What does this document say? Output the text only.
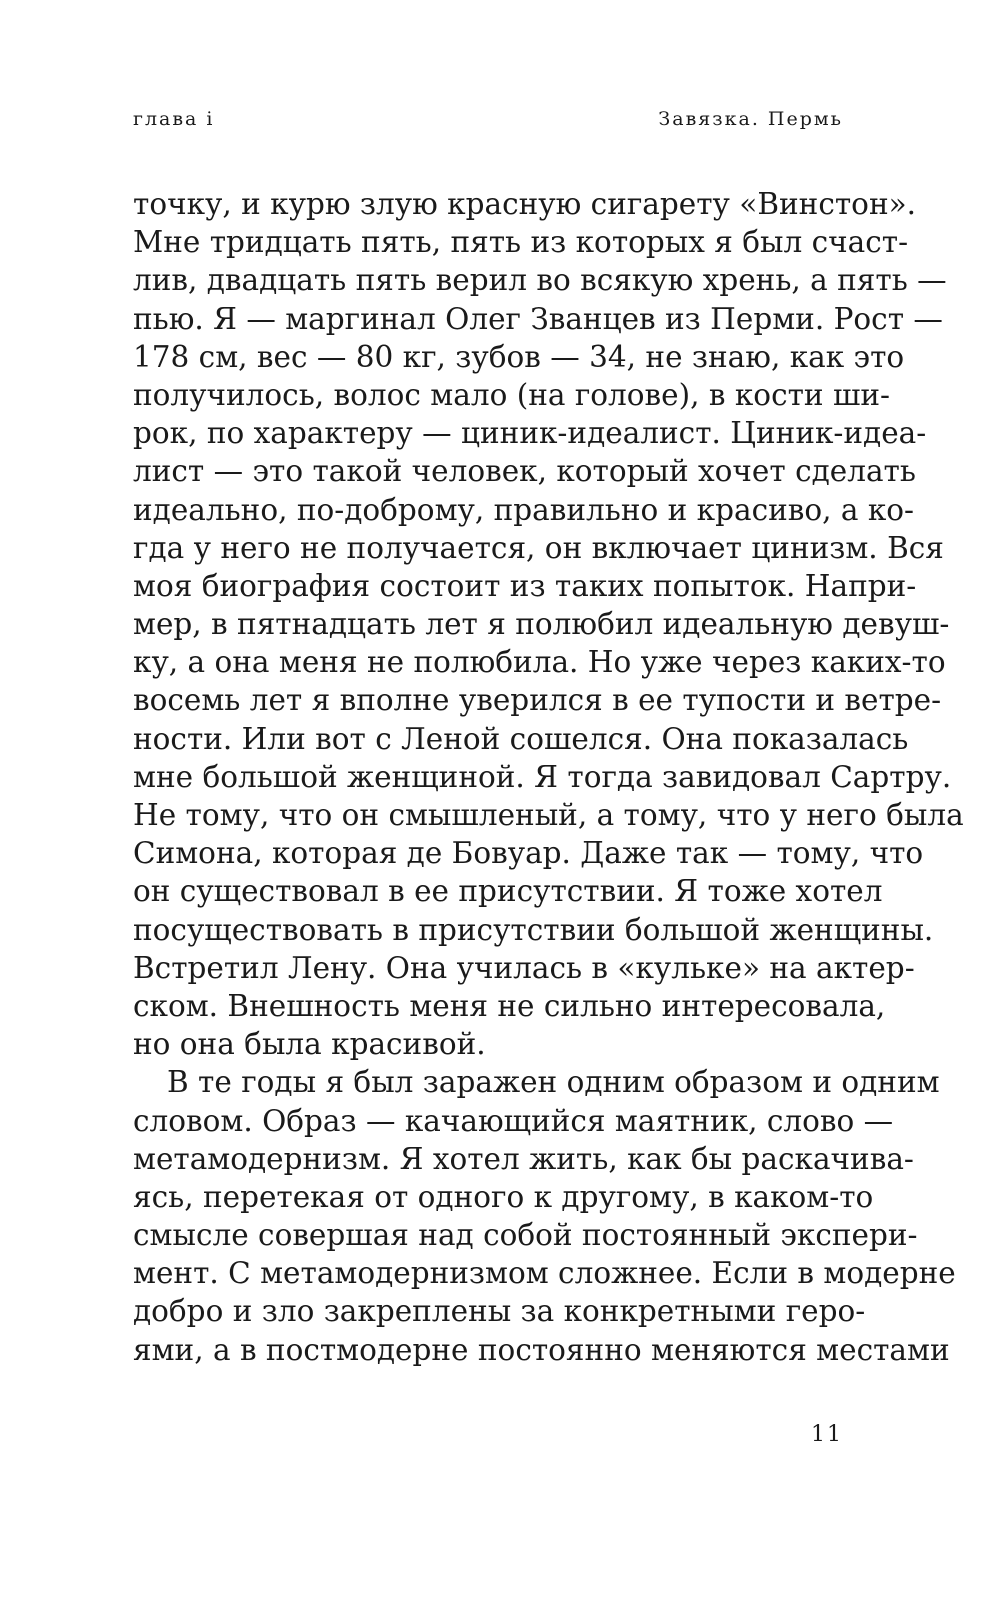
глава i	Завязка. Пермь
точку, и курю злую красную сигарету «Винстон».
Мне тридцать пять, пять из которых я был счаст-
лив, двадцать пять верил во всякую хрень, а пять —
пью. Я — маргинал Олег Званцев из Перми. Рост —
178 см, вес — 80 кг, зубов — 34, не знаю, как это
получилось, волос мало (на голове), в кости ши-
рок, по характеру — циник-идеалист. Циник-идеа-
лист — это такой человек, который хочет сделать
идеально, по-доброму, правильно и красиво, а ко-
гда у него не получается, он включает цинизм. Вся
моя биография состоит из таких попыток. Напри-
мер, в пятнадцать лет я полюбил идеальную девуш-
ку, а она меня не полюбила. Но уже через каких-то
восемь лет я вполне уверился в ее тупости и ветре-
ности. Или вот с Леной сошелся. Она показалась
мне большой женщиной. Я тогда завидовал Сартру.
Не тому, что он смышленый, а тому, что у него была
Симона, которая де Бовуар. Даже так — тому, что
он существовал в ее присутствии. Я тоже хотел
посуществовать в присутствии большой женщины.
Встретил Лену. Она училась в «кульке» на актер-
ском. Внешность меня не сильно интересовала,
но она была красивой.
В те годы я был заражен одним образом и одним
словом. Образ — качающийся маятник, слово —
метамодернизм. Я хотел жить, как бы раскачива-
ясь, перетекая от одного к другому, в каком-то
смысле совершая над собой постоянный экспери-
мент. С метамодернизмом сложнее. Если в модерне
добро и зло закреплены за конкретными геро-
ями, а в постмодерне постоянно меняются местами
11
